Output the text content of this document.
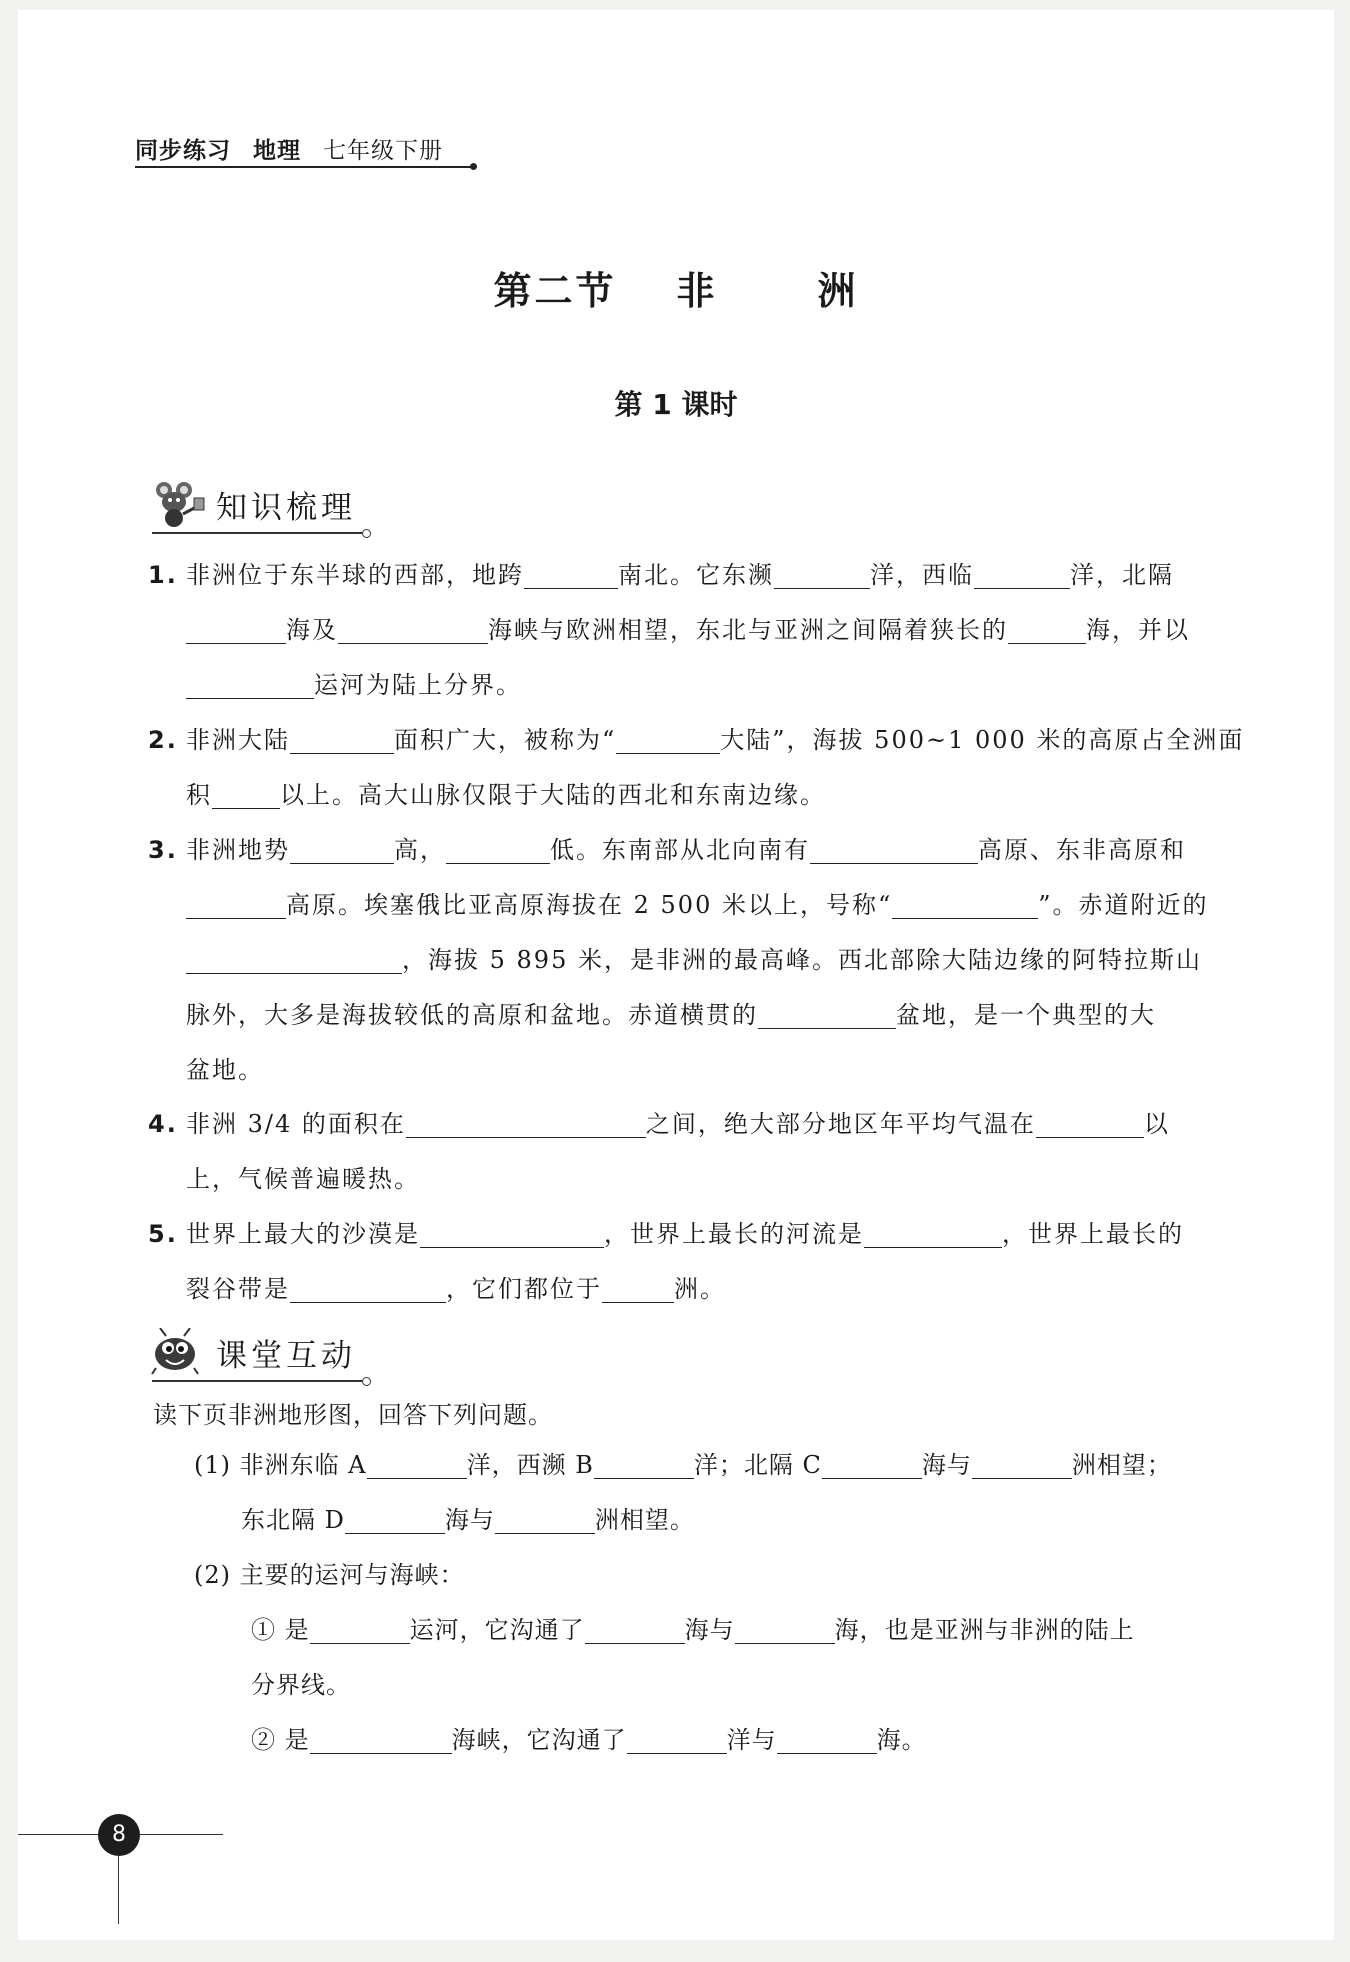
同步练习 地理 七年级下册
第二节 非	洲
第 1 课时
知识梳理
1. 非洲位于东半球的西部，地跨	南北。它东濒	洋，西临	洋，北隔
海及	海峡与欧洲相望，东北与亚洲之间隔着狭长的	海，并以
运河为陆上分界。
2. 非洲大陆	面积广大，被称为“	大陆”，海拔 500~1 000 米的高原占全洲面
积	以上。高大山脉仅限于大陆的西北和东南边缘。
3. 非洲地势	高，	低。东南部从北向南有	高原、东非高原和
高原。埃塞俄比亚高原海拔在 2 500 米以上，号称“	”。赤道附近的
，海拔 5 895 米，是非洲的最高峰。西北部除大陆边缘的阿特拉斯山
脉外，大多是海拔较低的高原和盆地。赤道横贯的	盆地，是一个典型的大
盆地。
4. 非洲 3/4 的面积在	之间，绝大部分地区年平均气温在	以
上，气候普遍暖热。
5. 世界上最大的沙漠是	，世界上最长的河流是	，世界上最长的
裂谷带是	，它们都位于	洲。
课堂互动
读下页非洲地形图，回答下列问题。
(1) 非洲东临 A	洋，西濒 B	洋；北隔 C	海与	洲相望；
东北隔 D	海与	洲相望。
(2) 主要的运河与海峡：
① 是	运河，它沟通了	海与	海，也是亚洲与非洲的陆上
分界线。
② 是	海峡，它沟通了	洋与	海。
8
